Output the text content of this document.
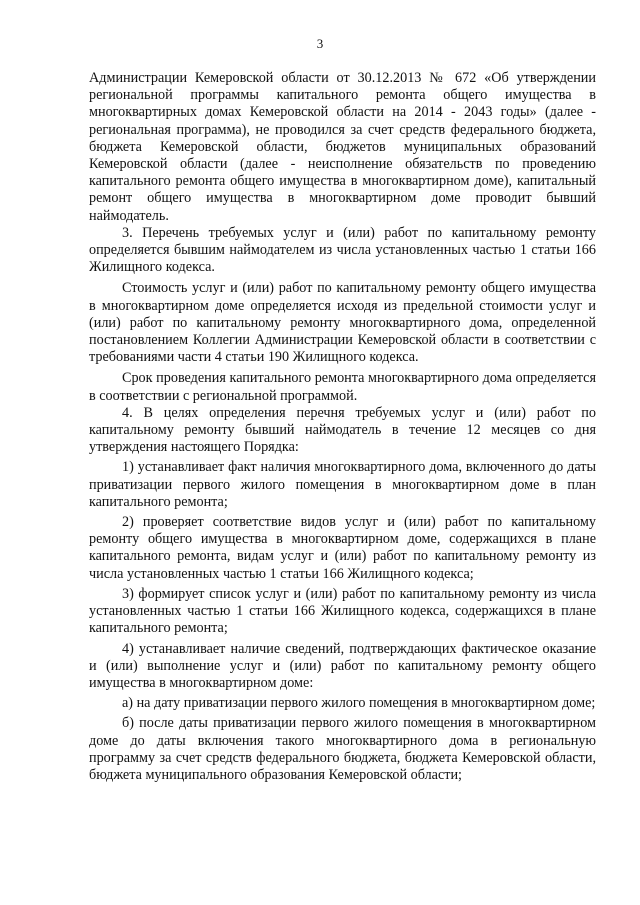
3

Администрации Кемеровской области от 30.12.2013 № 672 «Об утверждении региональной программы капитального ремонта общего имущества в многоквартирных домах Кемеровской области на 2014 - 2043 годы» (далее - региональная программа), не проводился за счет средств федерального бюджета, бюджета Кемеровской области, бюджетов муниципальных образований Кемеровской области (далее - неисполнение обязательств по проведению капитального ремонта общего имущества в многоквартирном доме), капитальный ремонт общего имущества в многоквартирном доме проводит бывший наймодатель.

3. Перечень требуемых услуг и (или) работ по капитальному ремонту определяется бывшим наймодателем из числа установленных частью 1 статьи 166 Жилищного кодекса.

Стоимость услуг и (или) работ по капитальному ремонту общего имущества в многоквартирном доме определяется исходя из предельной стоимости услуг и (или) работ по капитальному ремонту многоквартирного дома, определенной постановлением Коллегии Администрации Кемеровской области в соответствии с требованиями части 4 статьи 190 Жилищного кодекса.

Срок проведения капитального ремонта многоквартирного дома определяется в соответствии с региональной программой.

4. В целях определения перечня требуемых услуг и (или) работ по капитальному ремонту бывший наймодатель в течение 12 месяцев со дня утверждения настоящего Порядка:

1) устанавливает факт наличия многоквартирного дома, включенного до даты приватизации первого жилого помещения в многоквартирном доме в план капитального ремонта;

2) проверяет соответствие видов услуг и (или) работ по капитальному ремонту общего имущества в многоквартирном доме, содержащихся в плане капитального ремонта, видам услуг и (или) работ по капитальному ремонту из числа установленных частью 1 статьи 166 Жилищного кодекса;

3) формирует список услуг и (или) работ по капитальному ремонту из числа установленных частью 1 статьи 166 Жилищного кодекса, содержащихся в плане капитального ремонта;

4) устанавливает наличие сведений, подтверждающих фактическое оказание и (или) выполнение услуг и (или) работ по капитальному ремонту общего имущества в многоквартирном доме:

а) на дату приватизации первого жилого помещения в многоквартирном доме;

б) после даты приватизации первого жилого помещения в многоквартирном доме до даты включения такого многоквартирного дома в региональную программу за счет средств федерального бюджета, бюджета Кемеровской области, бюджета муниципального образования Кемеровской области;
